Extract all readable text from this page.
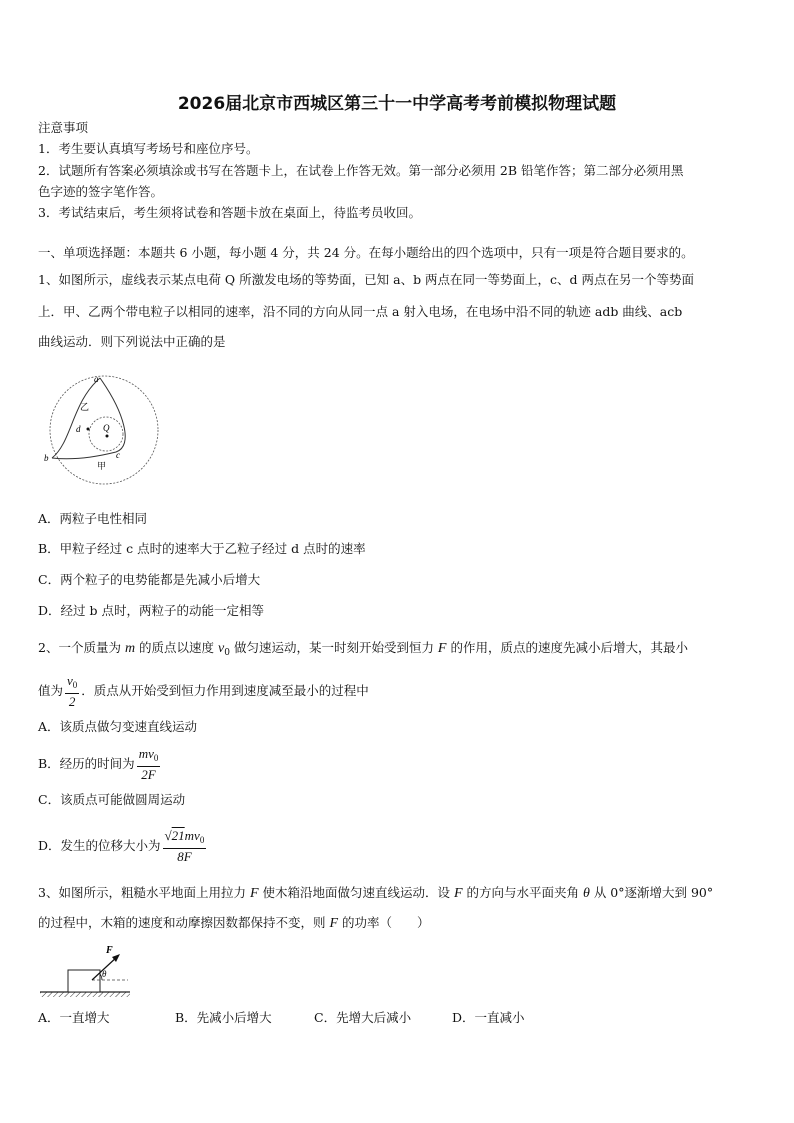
2026届北京市西城区第三十一中学高考考前模拟物理试题
注意事项
1．考生要认真填写考场号和座位序号。
2．试题所有答案必须填涂或书写在答题卡上，在试卷上作答无效。第一部分必须用 2B 铅笔作答；第二部分必须用黑
色字迹的签字笔作答。
3．考试结束后，考生须将试卷和答题卡放在桌面上，待监考员收回。
一、单项选择题：本题共 6 小题，每小题 4 分，共 24 分。在每小题给出的四个选项中，只有一项是符合题目要求的。
1、如图所示，虚线表示某点电荷 Q 所激发电场的等势面，已知 a、b 两点在同一等势面上，c、d 两点在另一个等势面
上．甲、乙两个带电粒子以相同的速率，沿不同的方向从同一点 a 射入电场，在电场中沿不同的轨迹 adb 曲线、acb
曲线运动．则下列说法中正确的是
a
乙
d	Q
b	c
甲
A．两粒子电性相同
B．甲粒子经过 c 点时的速率大于乙粒子经过 d 点时的速率
C．两个粒子的电势能都是先减小后增大
D．经过 b 点时，两粒子的动能一定相等
2、一个质量为 m 的质点以速度 $v_0$ 做匀速运动，某一时刻开始受到恒力 F 的作用，质点的速度先减小后增大，其最小
值为 $\frac{v_0}{2}$ ．质点从开始受到恒力作用到速度减至最小的过程中
A．该质点做匀变速直线运动
B．经历的时间为 $\frac{mv_0}{2F}$
C．该质点可能做圆周运动
D．发生的位移大小为 $\frac{√21mv_0}{8F}$
3、如图所示，粗糙水平地面上用拉力 F 使木箱沿地面做匀速直线运动．设 F 的方向与水平面夹角 θ 从 0°逐渐增大到 90°
的过程中，木箱的速度和动摩擦因数都保持不变，则 F 的功率（　　）
F
θ
A．一直增大	B．先减小后增大	C．先增大后减小	D．一直减小
